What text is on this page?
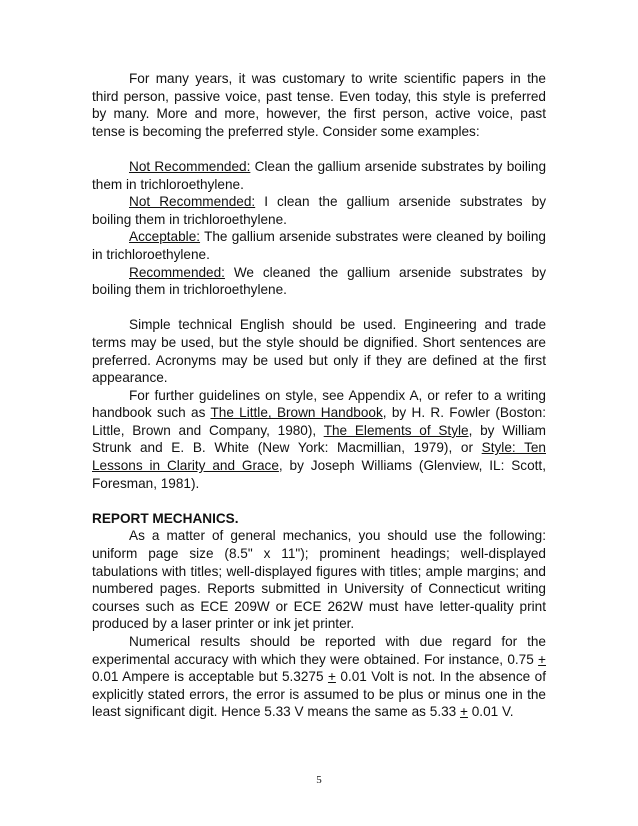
For many years, it was customary to write scientific papers in the third person, passive voice, past tense. Even today, this style is preferred by many. More and more, however, the first person, active voice, past tense is becoming the preferred style. Consider some examples:

Not Recommended: Clean the gallium arsenide substrates by boiling them in trichloroethylene.

Not Recommended: I clean the gallium arsenide substrates by boiling them in trichloroethylene.

Acceptable: The gallium arsenide substrates were cleaned by boiling in trichloroethylene.

Recommended: We cleaned the gallium arsenide substrates by boiling them in trichloroethylene.

Simple technical English should be used. Engineering and trade terms may be used, but the style should be dignified. Short sentences are preferred. Acronyms may be used but only if they are defined at the first appearance.

For further guidelines on style, see Appendix A, or refer to a writing handbook such as The Little, Brown Handbook, by H. R. Fowler (Boston: Little, Brown and Company, 1980), The Elements of Style, by William Strunk and E. B. White (New York: Macmillian, 1979), or Style: Ten Lessons in Clarity and Grace, by Joseph Williams (Glenview, IL: Scott, Foresman, 1981).

REPORT MECHANICS.

As a matter of general mechanics, you should use the following: uniform page size (8.5" x 11"); prominent headings; well-displayed tabulations with titles; well-displayed figures with titles; ample margins; and numbered pages. Reports submitted in University of Connecticut writing courses such as ECE 209W or ECE 262W must have letter-quality print produced by a laser printer or ink jet printer.

Numerical results should be reported with due regard for the experimental accuracy with which they were obtained. For instance, 0.75 + 0.01 Ampere is acceptable but 5.3275 + 0.01 Volt is not. In the absence of explicitly stated errors, the error is assumed to be plus or minus one in the least significant digit. Hence 5.33 V means the same as 5.33 + 0.01 V.

5
